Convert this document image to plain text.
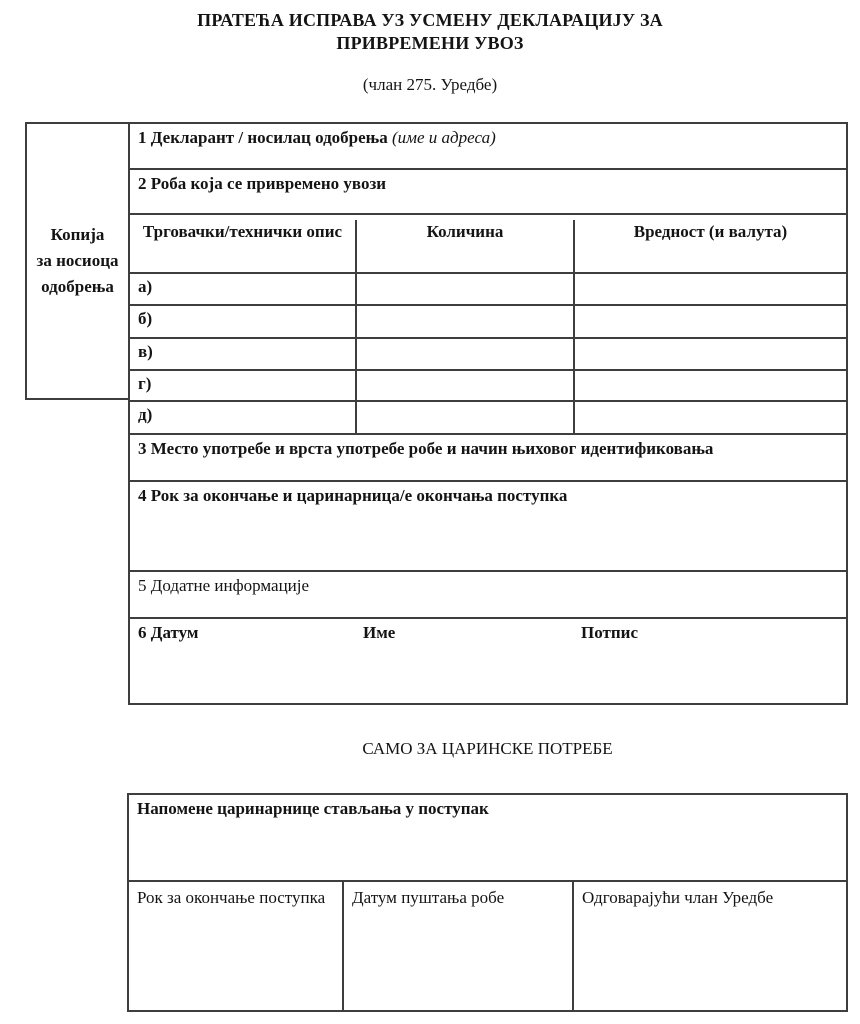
ПРАТЕЋА ИСПРАВА УЗ УСМЕНУ ДЕКЛАРАЦИЈУ ЗА
ПРИВРЕМЕНИ УВОЗ
(члан 275. Уредбе)
Копија
за носиоца
одобрења
1 Декларант / носилац одобрења (име и адреса)
2 Роба која се привремено увози
Трговачки/технички опис	Количина	Вредност (и валута)
а)
б)
в)
г)
д)
3 Место употребе и врста употребе робе и начин њиховог идентификовања
4 Рок за окончање и царинарница/е окончања поступка
5 Додатне информације
6 Датум	Име	Потпис
САМО ЗА ЦАРИНСКЕ ПОТРЕБЕ
Напомене царинарнице стављања у поступак
Рок за окончање поступка	Датум пуштања робе	Одговарајући члан Уредбе
